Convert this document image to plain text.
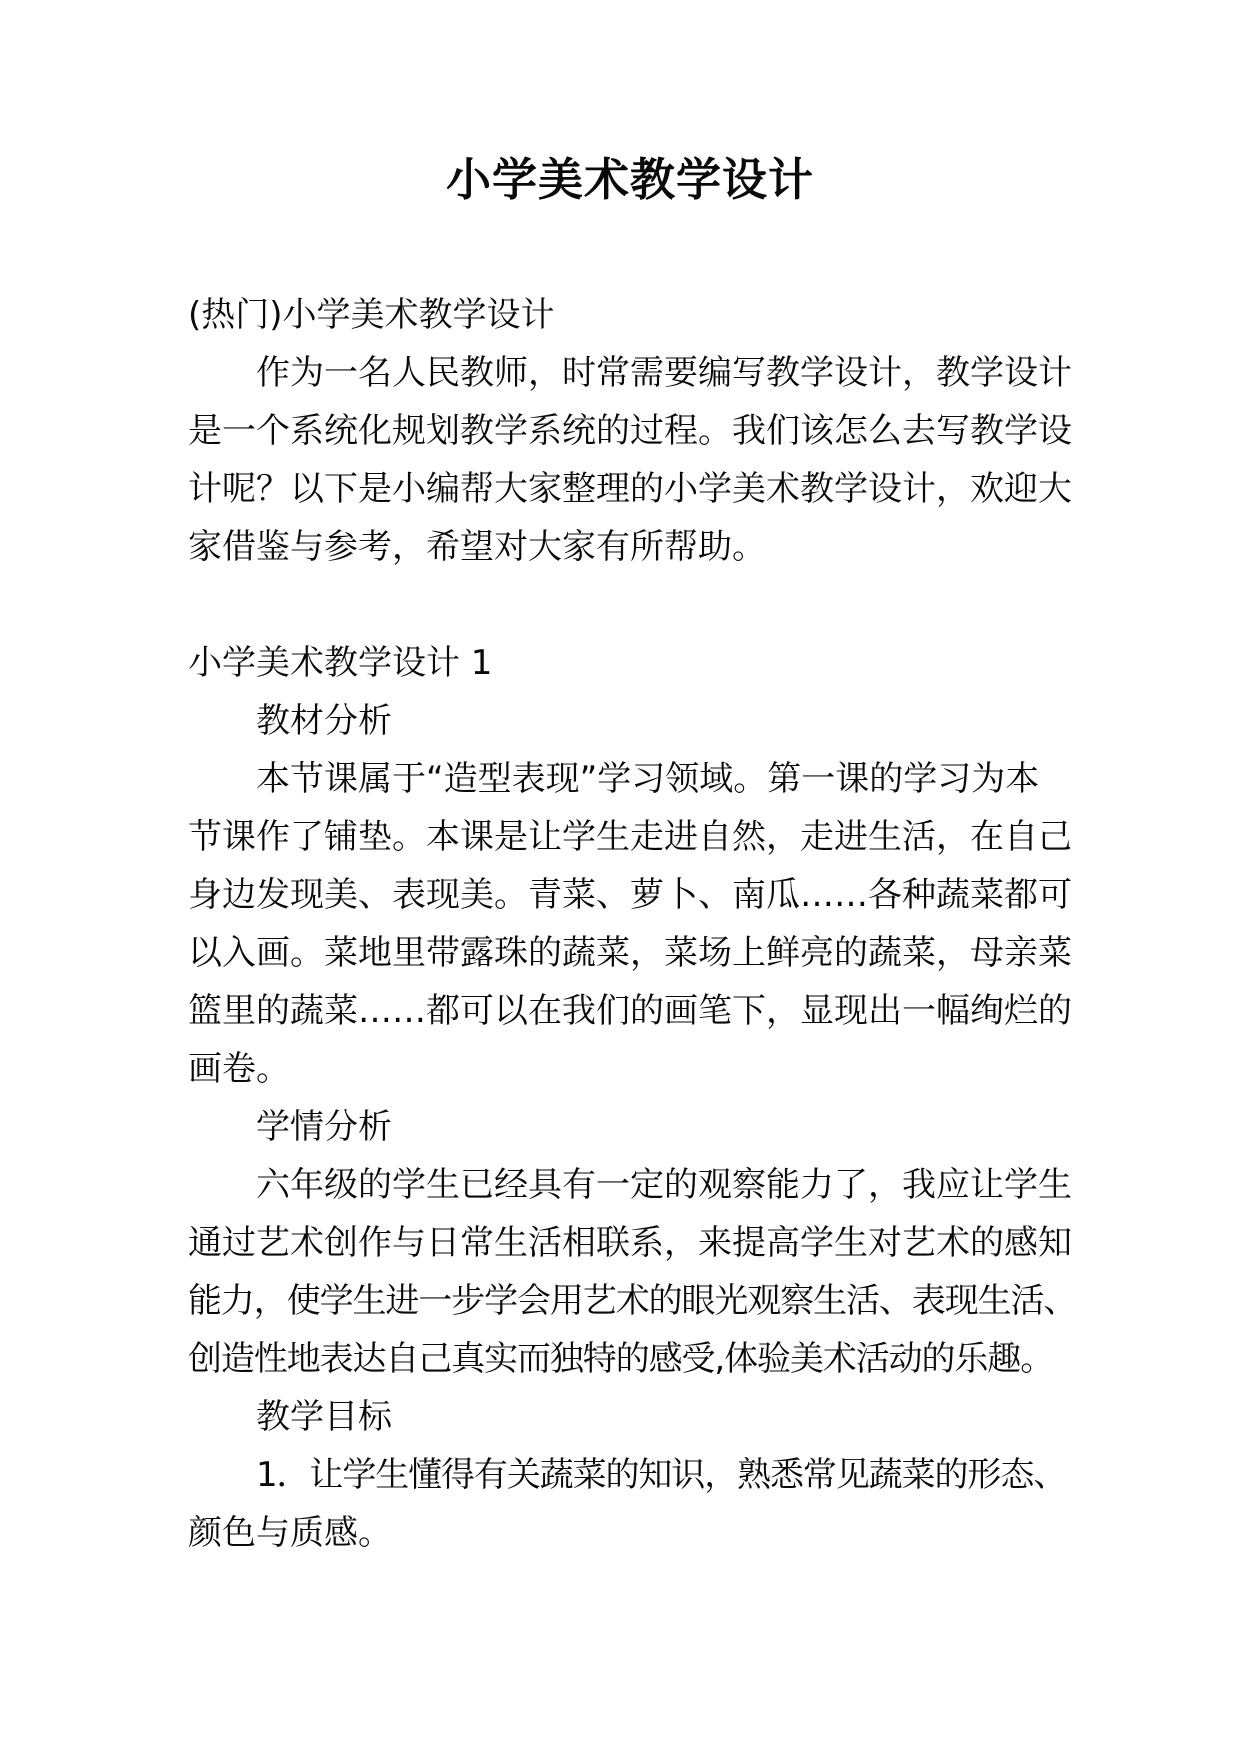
小学美术教学设计
(热门)小学美术教学设计
作为一名人民教师，时常需要编写教学设计，教学设计
是一个系统化规划教学系统的过程。我们该怎么去写教学设
计呢？以下是小编帮大家整理的小学美术教学设计，欢迎大
家借鉴与参考，希望对大家有所帮助。
小学美术教学设计 1
教材分析
本节课属于“造型表现”学习领域。第一课的学习为本
节课作了铺垫。本课是让学生走进自然，走进生活，在自己
身边发现美、表现美。青菜、萝卜、南瓜……各种蔬菜都可
以入画。菜地里带露珠的蔬菜，菜场上鲜亮的蔬菜，母亲菜
篮里的蔬菜……都可以在我们的画笔下，显现出一幅绚烂的
画卷。
学情分析
六年级的学生已经具有一定的观察能力了，我应让学生
通过艺术创作与日常生活相联系，来提高学生对艺术的感知
能力，使学生进一步学会用艺术的眼光观察生活、表现生活、
创造性地表达自己真实而独特的感受,体验美术活动的乐趣。
教学目标
1．让学生懂得有关蔬菜的知识，熟悉常见蔬菜的形态、
颜色与质感。
